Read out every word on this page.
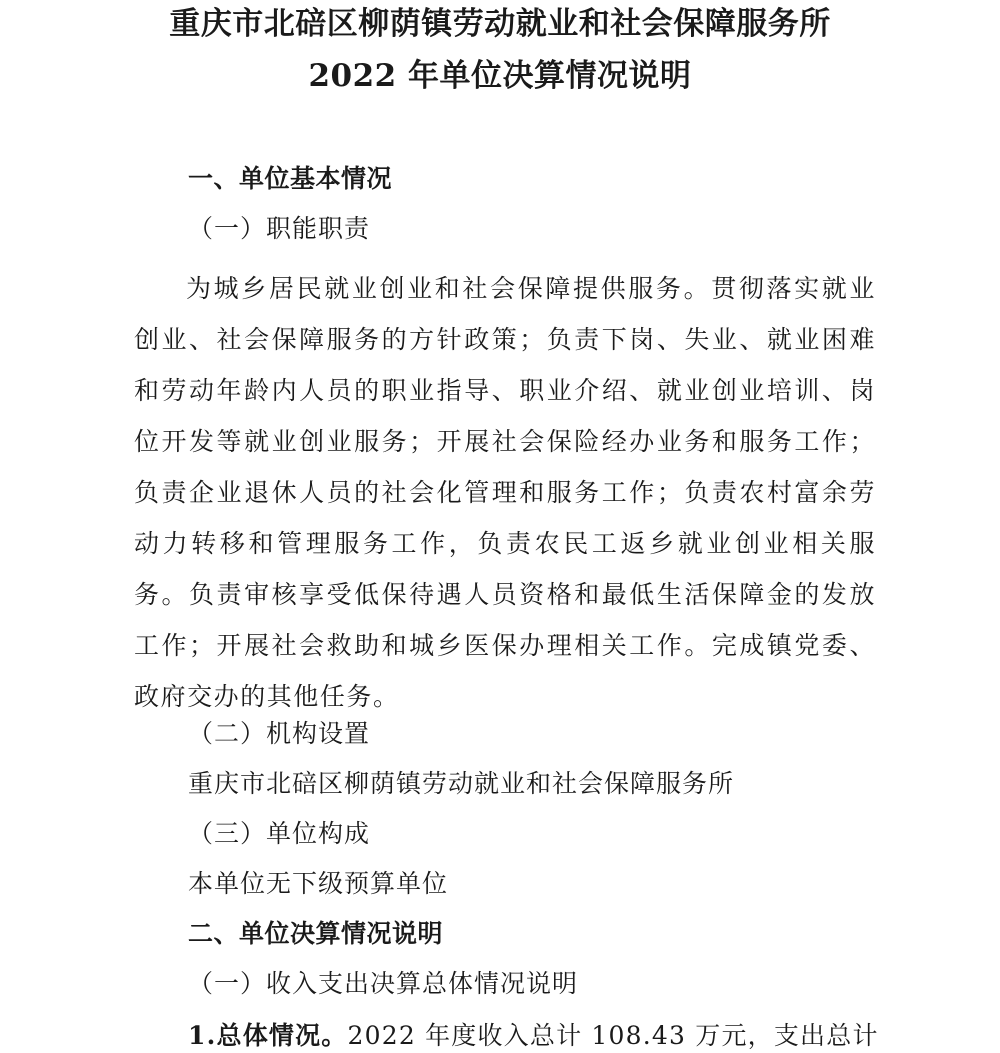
重庆市北碚区柳荫镇劳动就业和社会保障服务所
2022 年单位决算情况说明
一、单位基本情况
（一）职能职责
为城乡居民就业创业和社会保障提供服务。贯彻落实就业创业、社会保障服务的方针政策；负责下岗、失业、就业困难和劳动年龄内人员的职业指导、职业介绍、就业创业培训、岗位开发等就业创业服务；开展社会保险经办业务和服务工作；负责企业退休人员的社会化管理和服务工作；负责农村富余劳动力转移和管理服务工作，负责农民工返乡就业创业相关服务。负责审核享受低保待遇人员资格和最低生活保障金的发放工作；开展社会救助和城乡医保办理相关工作。完成镇党委、政府交办的其他任务。
（二）机构设置
重庆市北碚区柳荫镇劳动就业和社会保障服务所
（三）单位构成
本单位无下级预算单位
二、单位决算情况说明
（一）收入支出决算总体情况说明
1.总体情况。2022 年度收入总计 108.43 万元，支出总计
